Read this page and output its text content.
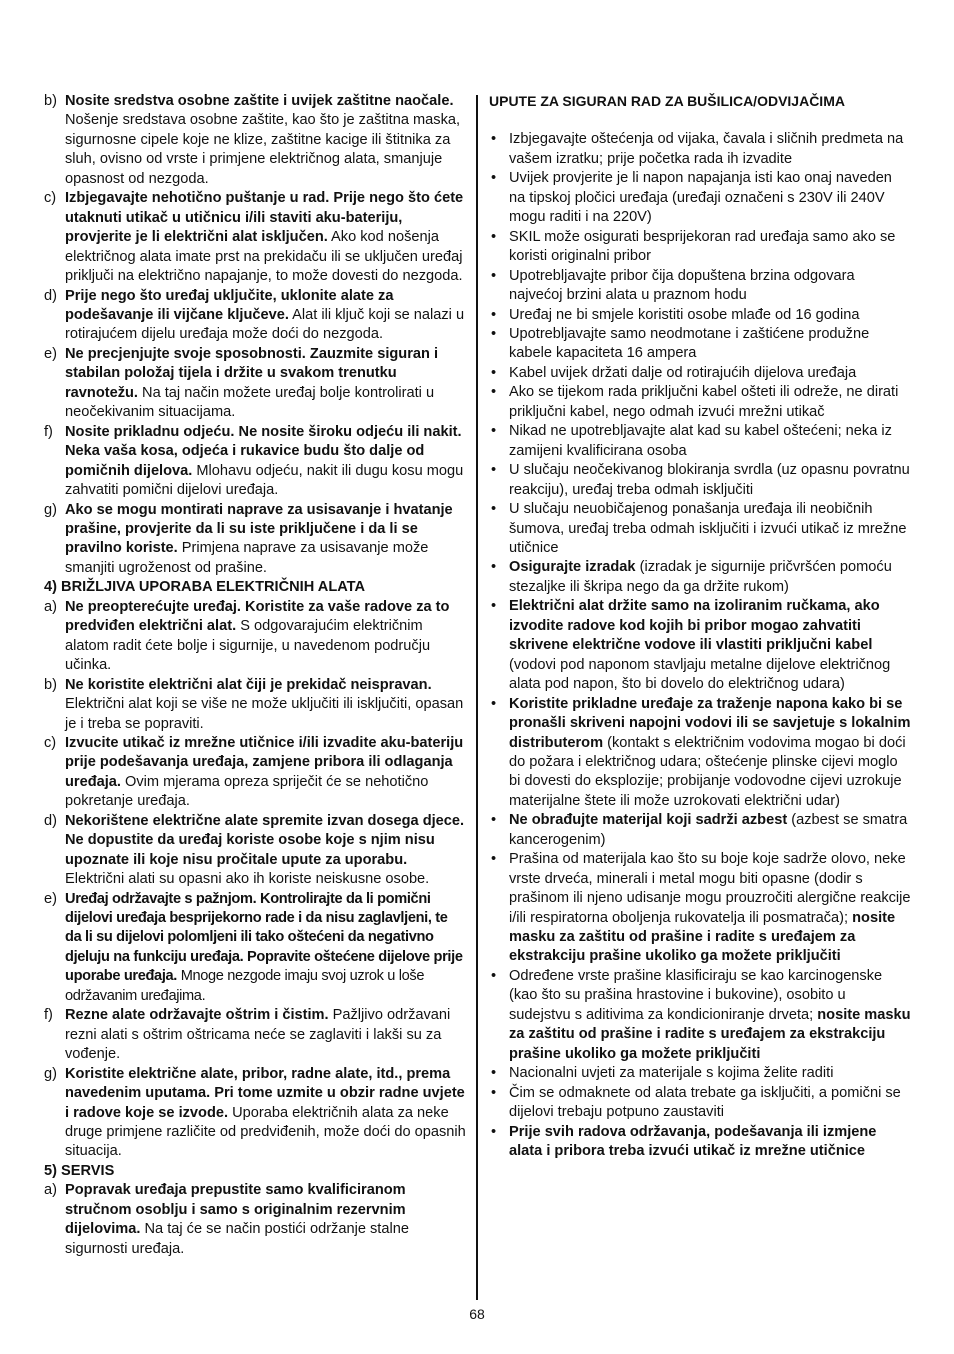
b) Nosite sredstva osobne zaštite i uvijek zaštitne naočale. Nošenje sredstava osobne zaštite, kao što je zaštitna maska, sigurnosne cipele koje ne klize, zaštitne kacige ili štitnika za sluh, ovisno od vrste i primjene električnog alata, smanjuje opasnost od nezgoda.
c) Izbjegavajte nehotično puštanje u rad. Prije nego što ćete utaknuti utikač u utičnicu i/ili staviti aku-bateriju, provjerite je li električni alat isključen. Ako kod nošenja električnog alata imate prst na prekidaču ili se uključen uređaj priključi na električno napajanje, to može dovesti do nezgoda.
d) Prije nego što uređaj uključite, uklonite alate za podešavanje ili vijčane ključeve. Alat ili ključ koji se nalazi u rotirajućem dijelu uređaja može doći do nezgoda.
e) Ne precjenjujte svoje sposobnosti. Zauzmite siguran i stabilan položaj tijela i držite u svakom trenutku ravnotežu. Na taj način možete uređaj bolje kontrolirati u neočekivanim situacijama.
f) Nosite prikladnu odjeću. Ne nosite široku odjeću ili nakit. Neka vaša kosa, odjeća i rukavice budu što dalje od pomičnih dijelova. Mlohavu odjeću, nakit ili dugu kosu mogu zahvatiti pomični dijelovi uređaja.
g) Ako se mogu montirati naprave za usisavanje i hvatanje prašine, provjerite da li su iste priključene i da li se pravilno koriste. Primjena naprave za usisavanje može smanjiti ugroženost od prašine.
4) BRIŽLJIVA UPORABA ELEKTRIČNIH ALATA
a) Ne preopterećujte uređaj. Koristite za vaše radove za to predviđen električni alat. S odgovarajućim električnim alatom radit ćete bolje i sigurnije, u navedenom području učinka.
b) Ne koristite električni alat čiji je prekidač neispravan. Električni alat koji se više ne može uključiti ili isključiti, opasan je i treba se popraviti.
c) Izvucite utikač iz mrežne utičnice i/ili izvadite aku-bateriju prije podešavanja uređaja, zamjene pribora ili odlaganja uređaja. Ovim mjerama opreza spriječit će se nehotično pokretanje uređaja.
d) Nekorištene električne alate spremite izvan dosega djece. Ne dopustite da uređaj koriste osobe koje s njim nisu upoznate ili koje nisu pročitale upute za uporabu. Električni alati su opasni ako ih koriste neiskusne osobe.
e) Uređaj održavajte s pažnjom. Kontrolirajte da li pomični dijelovi uređaja besprijekorno rade i da nisu zaglavljeni, te da li su dijelovi polomljeni ili tako oštećeni da negativno djeluju na funkciju uređaja. Popravite oštećene dijelove prije uporabe uređaja. Mnoge nezgode imaju svoj uzrok u loše održavanim uređajima.
f) Rezne alate održavajte oštrim i čistim. Pažljivo održavani rezni alati s oštrim oštricama neće se zaglaviti i lakši su za vođenje.
g) Koristite električne alate, pribor, radne alate, itd., prema navedenim uputama. Pri tome uzmite u obzir radne uvjete i radove koje se izvode. Uporaba električnih alata za neke druge primjene različite od predviđenih, može doći do opasnih situacija.
5) SERVIS
a) Popravak uređaja prepustite samo kvalificiranom stručnom osoblju i samo s originalnim rezervnim dijelovima. Na taj će se način postići održanje stalne sigurnosti uređaja.
UPUTE ZA SIGURAN RAD ZA BUŠILICA/ODVIJAČIMA
• Izbjegavajte oštećenja od vijaka, čavala i sličnih predmeta na vašem izratku; prije početka rada ih izvadite
• Uvijek provjerite je li napon napajanja isti kao onaj naveden na tipskoj pločici uređaja (uređaji označeni s 230V ili 240V mogu raditi i na 220V)
• SKIL može osigurati besprijekoran rad uređaja samo ako se koristi originalni pribor
• Upotrebljavajte pribor čija dopuštena brzina odgovara najvećoj brzini alata u praznom hodu
• Uređaj ne bi smjele koristiti osobe mlađe od 16 godina
• Upotrebljavajte samo neodmotane i zaštićene produžne kabele kapaciteta 16 ampera
• Kabel uvijek držati dalje od rotirajućih dijelova uređaja
• Ako se tijekom rada priključni kabel ošteti ili odreže, ne dirati priključni kabel, nego odmah izvući mrežni utikač
• Nikad ne upotrebljavajte alat kad su kabel oštećeni; neka iz zamijeni kvalificirana osoba
• U slučaju neočekivanog blokiranja svrdla (uz opasnu povratnu reakciju), uređaj treba odmah isključiti
• U slučaju neuobičajenog ponašanja uređaja ili neobičnih šumova, uređaj treba odmah isključiti i izvući utikač iz mrežne utičnice
• Osigurajte izradak (izradak je sigurnije pričvršćen pomoću stezaljke ili škripa nego da ga držite rukom)
• Električni alat držite samo na izoliranim ručkama, ako izvodite radove kod kojih bi pribor mogao zahvatiti skrivene električne vodove ili vlastiti priključni kabel (vodovi pod naponom stavljaju metalne dijelove električnog alata pod napon, što bi dovelo do električnog udara)
• Koristite prikladne uređaje za traženje napona kako bi se pronašli skriveni napojni vodovi ili se savjetuje s lokalnim distributerom (kontakt s električnim vodovima mogao bi doći do požara i električnog udara; oštećenje plinske cijevi moglo bi dovesti do eksplozije; probijanje vodovodne cijevi uzrokuje materijalne štete ili može uzrokovati električni udar)
• Ne obrađujte materijal koji sadrži azbest (azbest se smatra kancerogenim)
• Prašina od materijala kao što su boje koje sadrže olovo, neke vrste drveća, minerali i metal mogu biti opasne (dodir s prašinom ili njeno udisanje mogu prouzročiti alergične reakcije i/ili respiratorna oboljenja rukovatelja ili posmatrača); nosite masku za zaštitu od prašine i radite s uređajem za ekstrakciju prašine ukoliko ga možete priključiti
• Određene vrste prašine klasificiraju se kao karcinogenske (kao što su prašina hrastovine i bukovine), osobito u sudejstvu s aditivima za kondicioniranje drveta; nosite masku za zaštitu od prašine i radite s uređajem za ekstrakciju prašine ukoliko ga možete priključiti
• Nacionalni uvjeti za materijale s kojima želite raditi
• Čim se odmaknete od alata trebate ga isključiti, a pomični se dijelovi trebaju potpuno zaustaviti
• Prije svih radova održavanja, podešavanja ili izmjene alata i pribora treba izvući utikač iz mrežne utičnice
68
